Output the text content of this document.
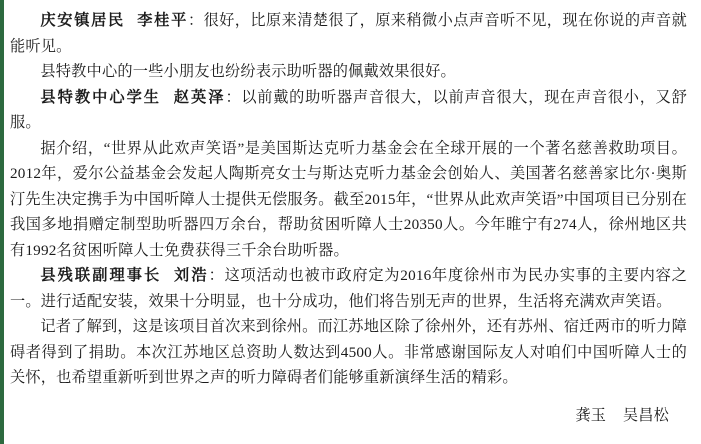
庆安镇居民 李桂平：很好，比原来清楚很了，原来稍微小点声音听不见，现在你说的声音就能听见。

县特教中心的一些小朋友也纷纷表示助听器的佩戴效果很好。

县特教中心学生 赵英泽：以前戴的助听器声音很大，以前声音很大，现在声音很小，又舒服。

据介绍，“世界从此欢声笑语”是美国斯达克听力基金会在全球开展的一个著名慈善救助项目。2012年，爱尔公益基金会发起人陶斯亮女士与斯达克听力基金会创始人、美国著名慈善家比尔·奥斯汀先生决定携手为中国听障人士提供无偿服务。截至2015年，“世界从此欢声笑语”中国项目已分别在我国多地捐赠定制型助听器四万余台，帮助贫困听障人士20350人。今年睢宁有274人，徐州地区共有1992名贫困听障人士免费获得三千余台助听器。

县残联副理事长 刘浩：这项活动也被市政府定为2016年度徐州市为民办实事的主要内容之一。进行适配安装，效果十分明显，也十分成功，他们将告别无声的世界，生活将充满欢声笑语。

记者了解到，这是该项目首次来到徐州。而江苏地区除了徐州外，还有苏州、宿迁两市的听力障碍者得到了捐助。本次江苏地区总资助人数达到4500人。非常感谢国际友人对咱们中国听障人士的关怀，也希望重新听到世界之声的听力障碍者们能够重新演绎生活的精彩。

龚玉 吴昌松
